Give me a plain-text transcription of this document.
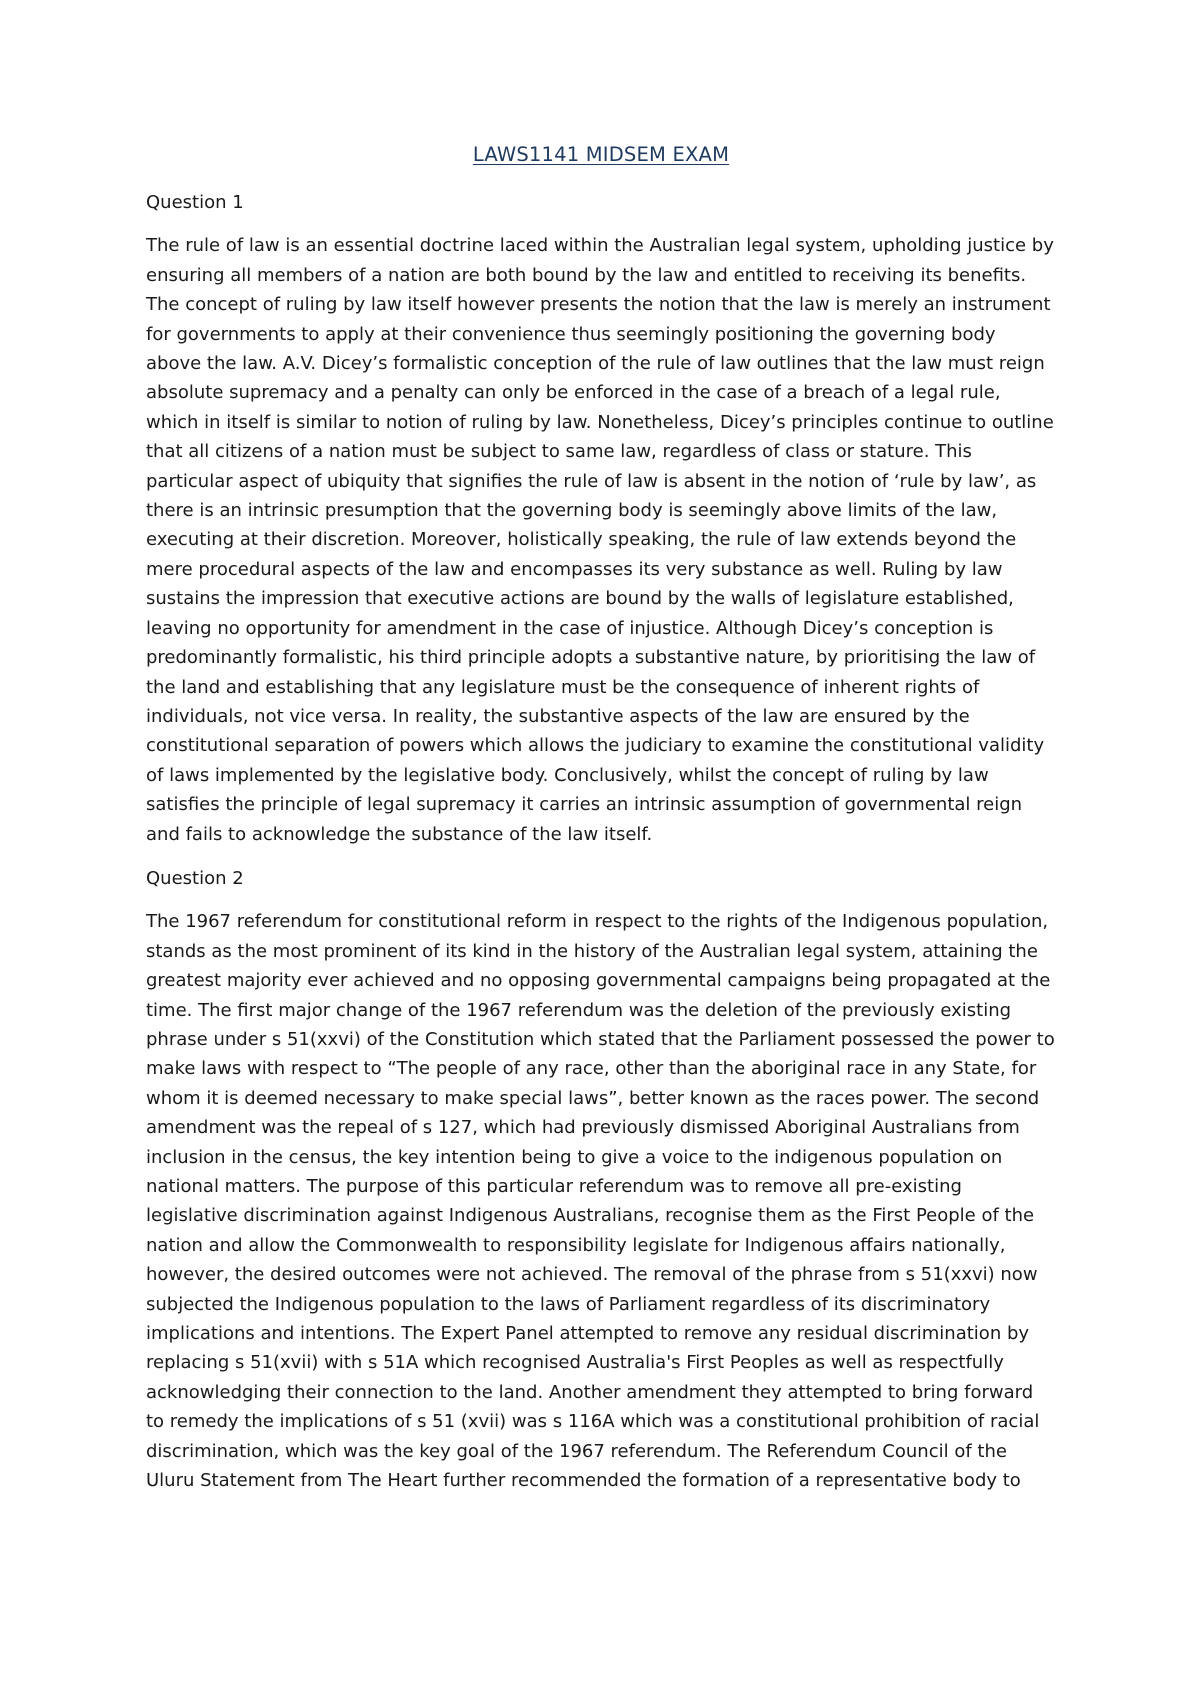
LAWS1141 MIDSEM EXAM
Question 1

The rule of law is an essential doctrine laced within the Australian legal system, upholding justice by ensuring all members of a nation are both bound by the law and entitled to receiving its benefits. The concept of ruling by law itself however presents the notion that the law is merely an instrument for governments to apply at their convenience thus seemingly positioning the governing body above the law. A.V. Dicey’s formalistic conception of the rule of law outlines that the law must reign absolute supremacy and a penalty can only be enforced in the case of a breach of a legal rule, which in itself is similar to notion of ruling by law. Nonetheless, Dicey’s principles continue to outline that all citizens of a nation must be subject to same law, regardless of class or stature. This particular aspect of ubiquity that signifies the rule of law is absent in the notion of ‘rule by law’, as there is an intrinsic presumption that the governing body is seemingly above limits of the law, executing at their discretion. Moreover, holistically speaking, the rule of law extends beyond the mere procedural aspects of the law and encompasses its very substance as well. Ruling by law sustains the impression that executive actions are bound by the walls of legislature established, leaving no opportunity for amendment in the case of injustice. Although Dicey’s conception is predominantly formalistic, his third principle adopts a substantive nature, by prioritising the law of the land and establishing that any legislature must be the consequence of inherent rights of individuals, not vice versa. In reality, the substantive aspects of the law are ensured by the constitutional separation of powers which allows the judiciary to examine the constitutional validity of laws implemented by the legislative body. Conclusively, whilst the concept of ruling by law satisfies the principle of legal supremacy it carries an intrinsic assumption of governmental reign and fails to acknowledge the substance of the law itself.

Question 2

The 1967 referendum for constitutional reform in respect to the rights of the Indigenous population, stands as the most prominent of its kind in the history of the Australian legal system, attaining the greatest majority ever achieved and no opposing governmental campaigns being propagated at the time. The first major change of the 1967 referendum was the deletion of the previously existing phrase under s 51(xxvi) of the Constitution which stated that the Parliament possessed the power to make laws with respect to “The people of any race, other than the aboriginal race in any State, for whom it is deemed necessary to make special laws”, better known as the races power. The second amendment was the repeal of s 127, which had previously dismissed Aboriginal Australians from inclusion in the census, the key intention being to give a voice to the indigenous population on national matters. The purpose of this particular referendum was to remove all pre-existing legislative discrimination against Indigenous Australians, recognise them as the First People of the nation and allow the Commonwealth to responsibility legislate for Indigenous affairs nationally, however, the desired outcomes were not achieved. The removal of the phrase from s 51(xxvi) now subjected the Indigenous population to the laws of Parliament regardless of its discriminatory implications and intentions. The Expert Panel attempted to remove any residual discrimination by replacing s 51(xvii) with s 51A which recognised Australia's First Peoples as well as respectfully acknowledging their connection to the land. Another amendment they attempted to bring forward to remedy the implications of s 51 (xvii) was s 116A which was a constitutional prohibition of racial discrimination, which was the key goal of the 1967 referendum. The Referendum Council of the Uluru Statement from The Heart further recommended the formation of a representative body to
